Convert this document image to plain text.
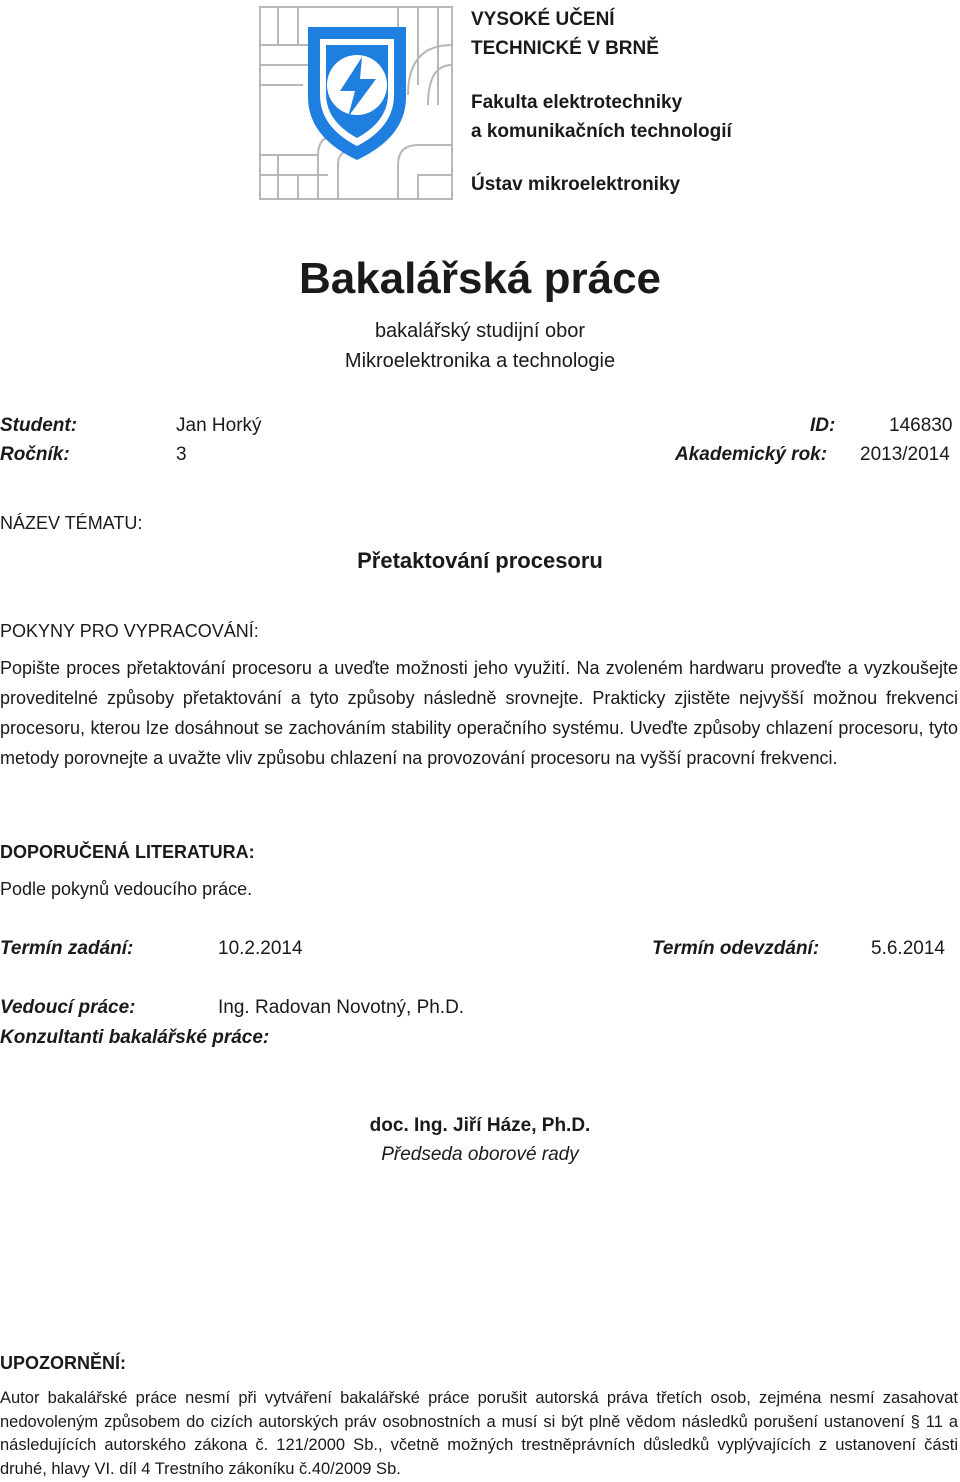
VYSOKÉ UČENÍ
TECHNICKÉ V BRNĚ
Fakulta elektrotechniky
a komunikačních technologií
Ústav mikroelektroniky
Bakalářská práce
bakalářský studijní obor
Mikroelektronika a technologie
Student:	Jan Horký	ID:	146830
Ročník:	3	Akademický rok: 2013/2014
NÁZEV TÉMATU:
Přetaktování procesoru
POKYNY PRO VYPRACOVÁNÍ:
Popište proces přetaktování procesoru a uveďte možnosti jeho využití. Na zvoleném hardwaru proveďte a vyzkoušejte proveditelné způsoby přetaktování a tyto způsoby následně srovnejte. Prakticky zjistěte nejvyšší možnou frekvenci procesoru, kterou lze dosáhnout se zachováním stability operačního systému. Uveďte způsoby chlazení procesoru, tyto metody porovnejte a uvažte vliv způsobu chlazení na provozování procesoru na vyšší pracovní frekvenci.
DOPORUČENÁ LITERATURA:
Podle pokynů vedoucího práce.
Termín zadání:	10.2.2014	Termín odevzdání:	5.6.2014
Vedoucí práce:	Ing. Radovan Novotný, Ph.D.
Konzultanti bakalářské práce:
doc. Ing. Jiří Háze, Ph.D.
Předseda oborové rady
UPOZORNĚNÍ:
Autor bakalářské práce nesmí při vytváření bakalářské práce porušit autorská práva třetích osob, zejména nesmí zasahovat nedovoleným způsobem do cizích autorských práv osobnostních a musí si být plně vědom následků porušení ustanovení § 11 a následujících autorského zákona č. 121/2000 Sb., včetně možných trestněprávních důsledků vyplývajících z ustanovení části druhé, hlavy VI. díl 4 Trestního zákoníku č.40/2009 Sb.
